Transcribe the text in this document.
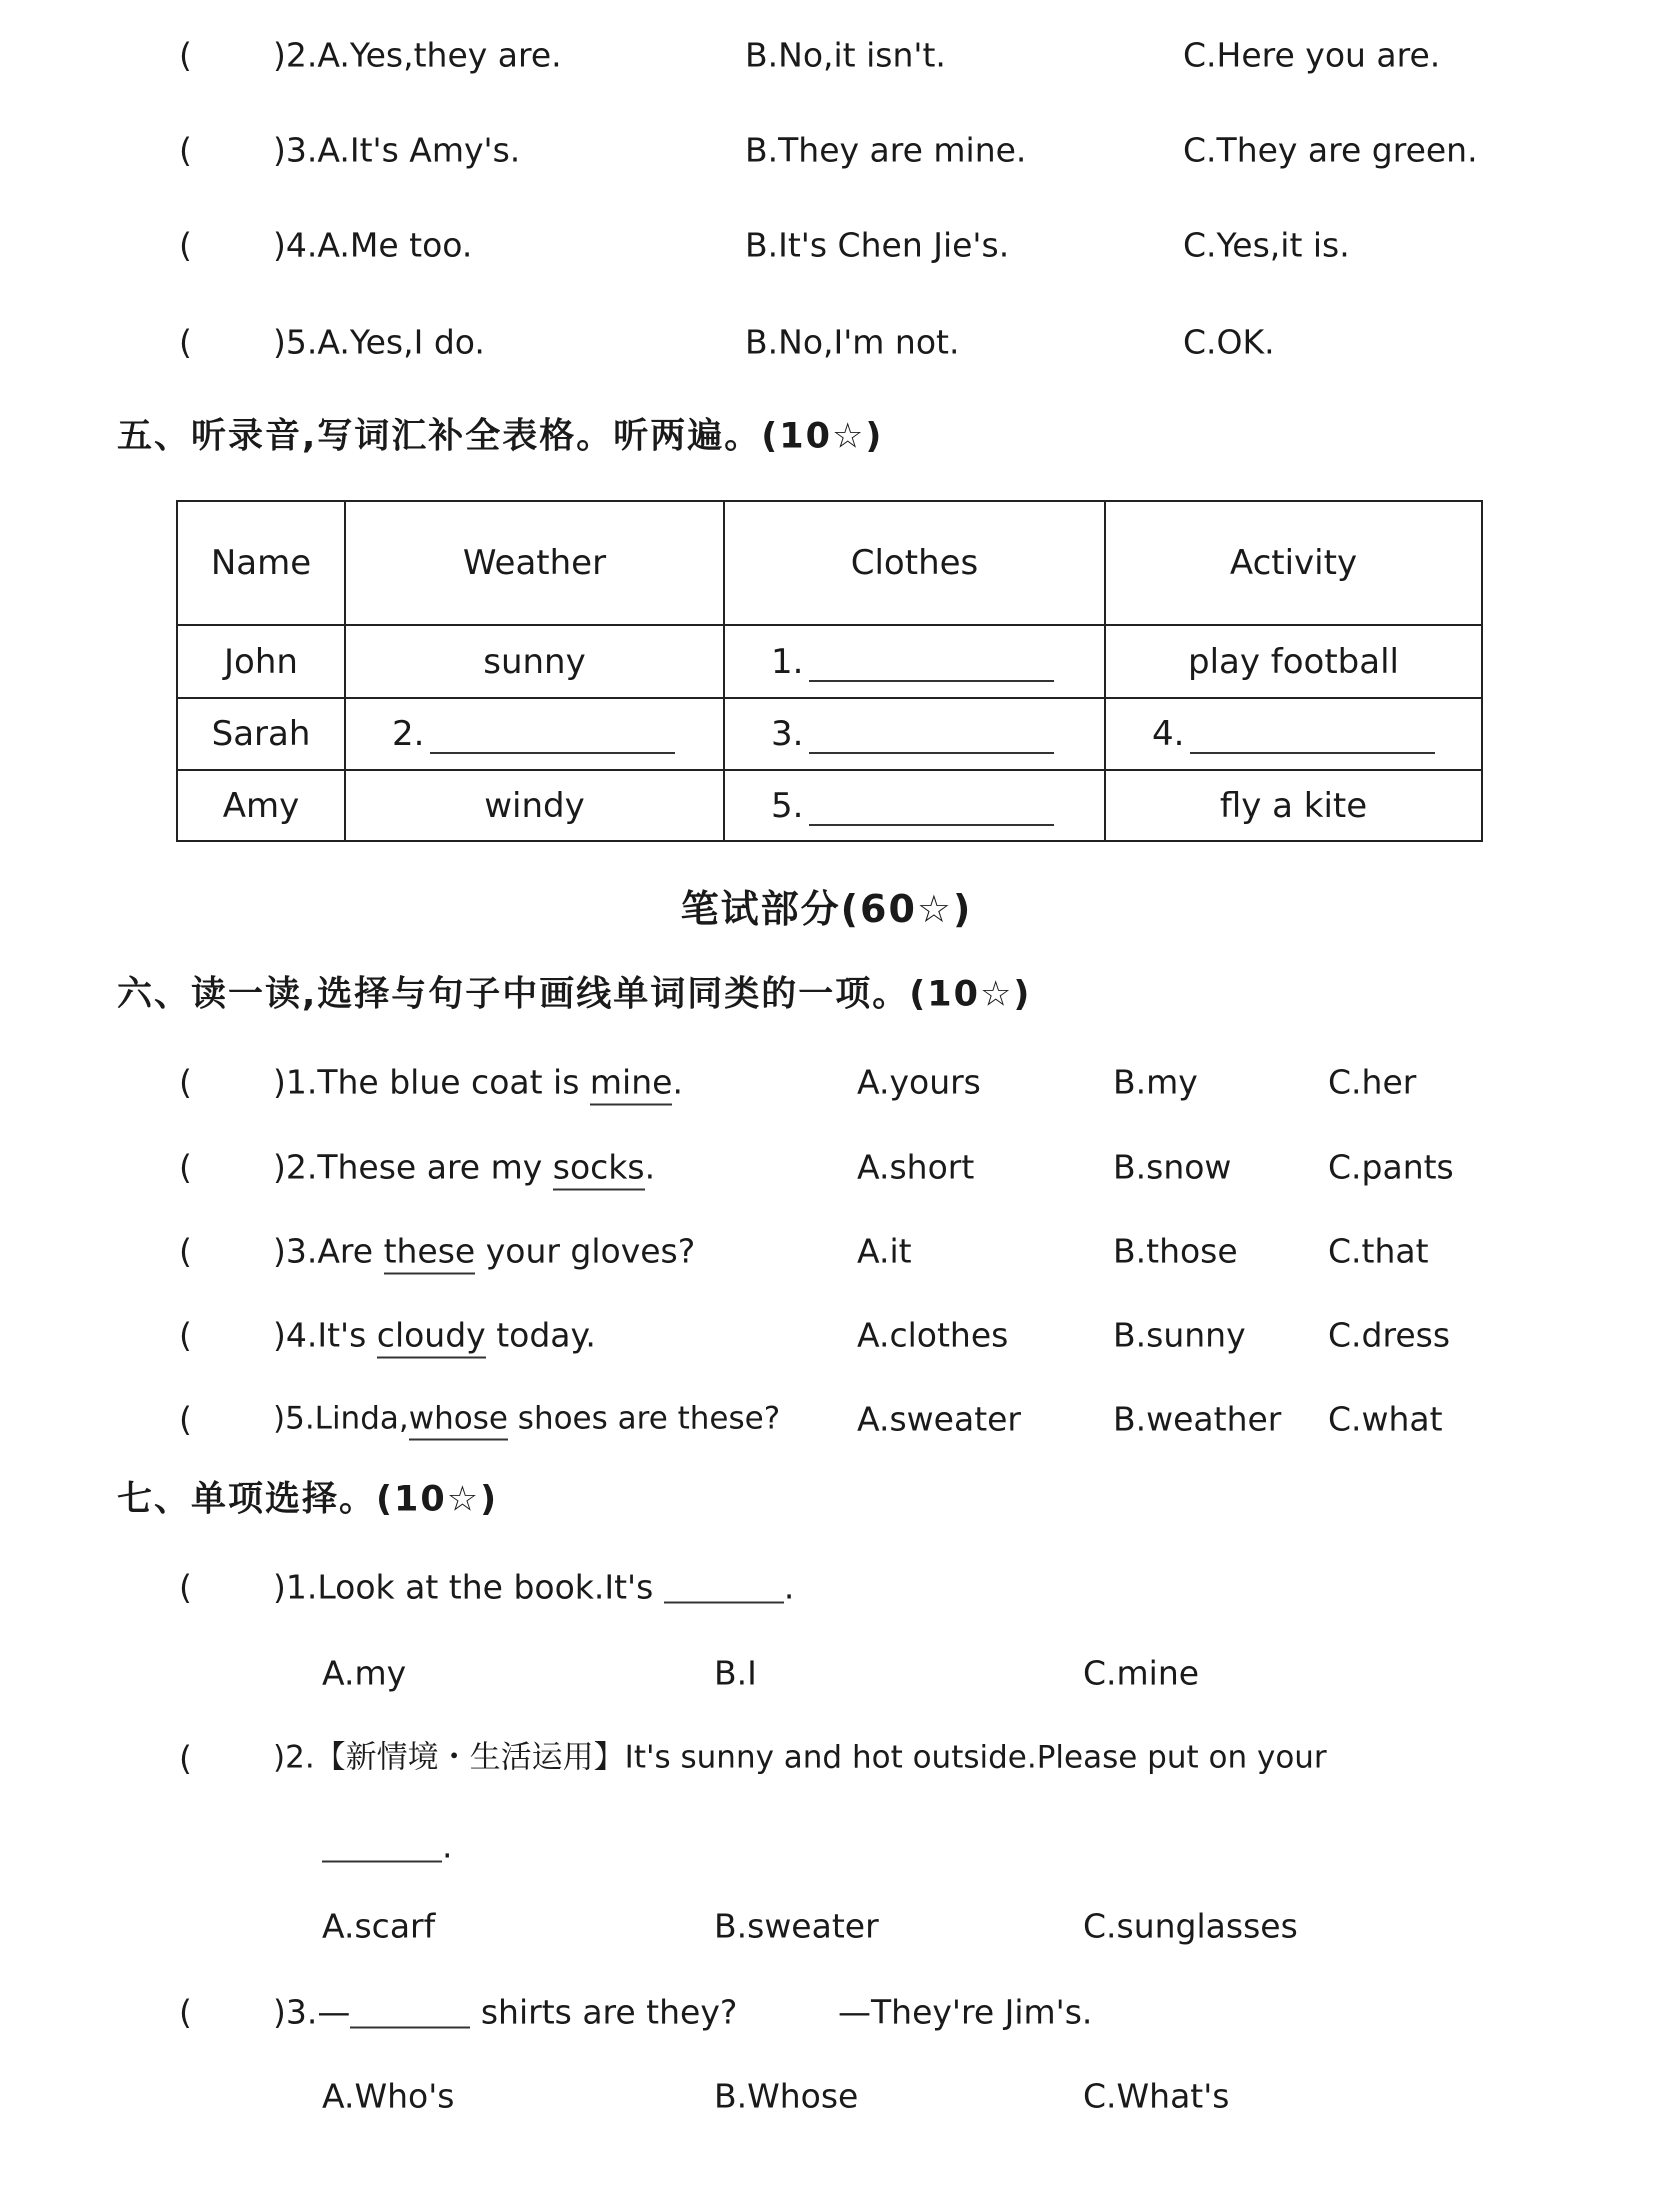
( )2.A.Yes,they are.	B.No,it isn't.	C.Here you are.
( )3.A.It's Amy's.	B.They are mine.	C.They are green.
( )4.A.Me too.	B.It's Chen Jie's.	C.Yes,it is.
( )5.A.Yes,I do.	B.No,I'm not.	C.OK.
五、听录音,写词汇补全表格。听两遍。(10☆)
Name	Weather	Clothes	Activity
John	sunny	1.	play football
Sarah	2.	3.	4.
Amy	windy	5.	fly a kite
笔试部分(60☆)
六、读一读,选择与句子中画线单词同类的一项。(10☆)
( )1.The blue coat is mine.	A.yours	B.my	C.her
( )2.These are my socks.	A.short	B.snow	C.pants
( )3.Are these your gloves?	A.it	B.those	C.that
( )4.It's cloudy today.	A.clothes	B.sunny C.dress
(	)5.Linda,whose shoes are these? A.sweater	B.weather C.what
七、单项选择。(10☆)
( )1.Look at the book.It's	.
A.my	B.I	C.mine
(	)2.【新情境・生活运用】It's sunny and hot outside.Please put on your
.
A.scarf	B.sweater	C.sunglasses
( )3.—	shirts are they?	—They're Jim's.
A.Who's	B.Whose	C.What's
